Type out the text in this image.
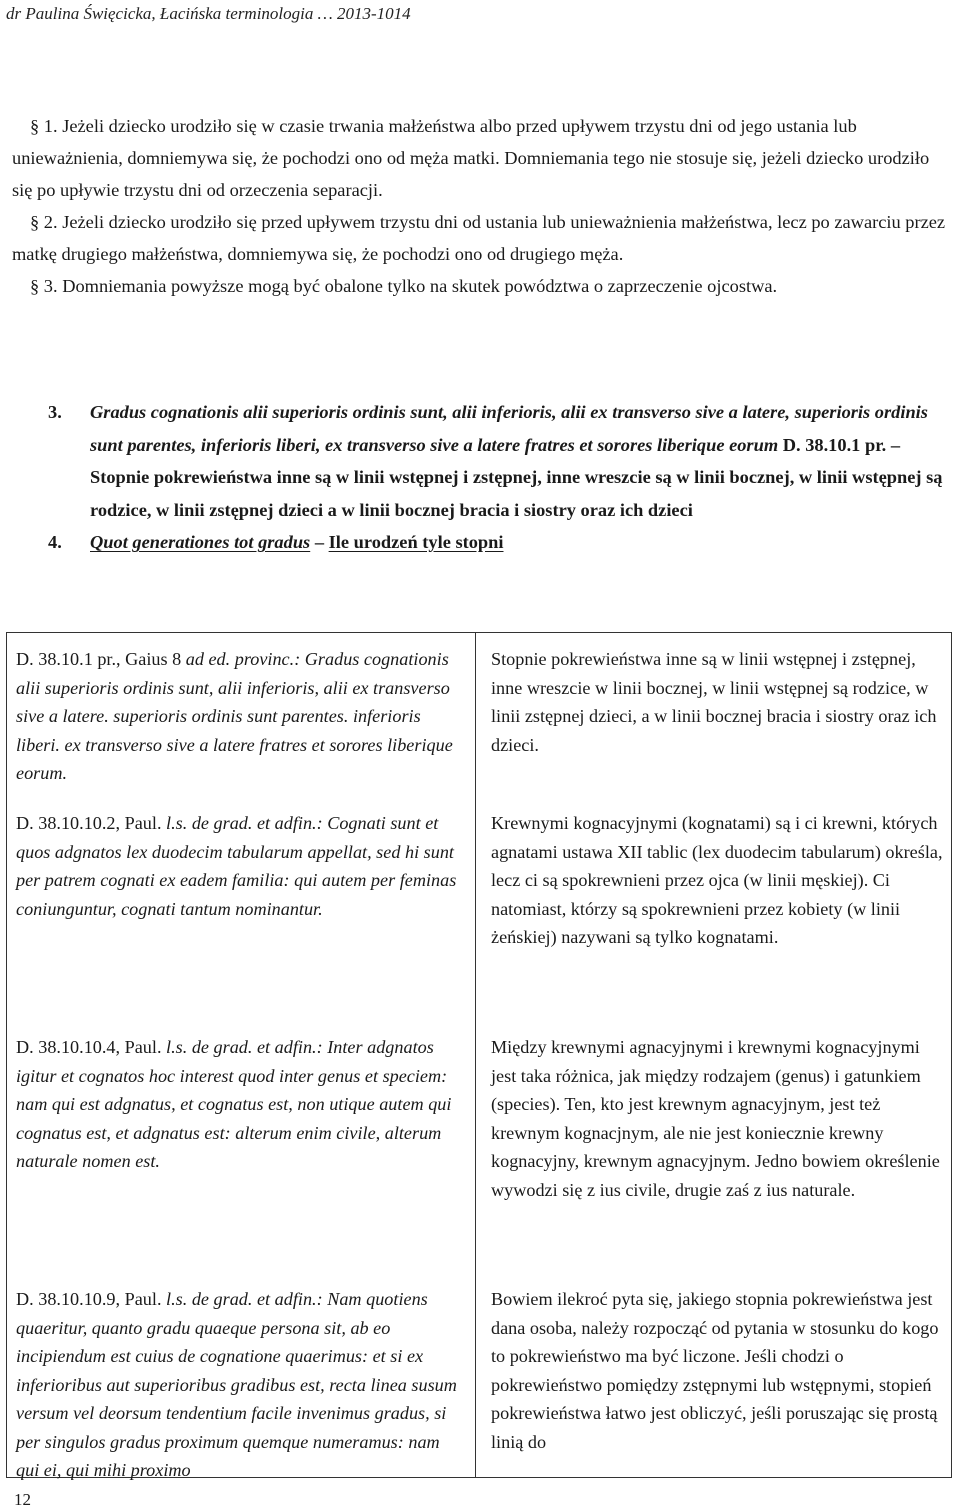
dr Paulina Święcicka, Łacińska terminologia … 2013-1014

§ 1. Jeżeli dziecko urodziło się w czasie trwania małżeństwa albo przed upływem trzystu dni od jego ustania lub unieważnienia, domniemywa się, że pochodzi ono od męża matki. Domniemania tego nie stosuje się, jeżeli dziecko urodziło się po upływie trzystu dni od orzeczenia separacji.

§ 2. Jeżeli dziecko urodziło się przed upływem trzystu dni od ustania lub unieważnienia małżeństwa, lecz po zawarciu przez matkę drugiego małżeństwa, domniemywa się, że pochodzi ono od drugiego męża.

§ 3. Domniemania powyższe mogą być obalone tylko na skutek powództwa o zaprzeczenie ojcostwa.

3. Gradus cognationis alii superioris ordinis sunt, alii inferioris, alii ex transverso sive a latere, superioris ordinis sunt parentes, inferioris liberi, ex transverso sive a latere fratres et sorores liberique eorum D. 38.10.1 pr. – Stopnie pokrewieństwa inne są w linii wstępnej i zstępnej, inne wreszcie są w linii bocznej, w linii wstępnej są rodzice, w linii zstępnej dzieci a w linii bocznej bracia i siostry oraz ich dzieci
4. Quot generationes tot gradus – Ile urodzeń tyle stopni
D. 38.10.1 pr., Gaius 8 ad ed. provinc.: Gradus cognationis alii superioris ordinis sunt, alii inferioris, alii ex transverso sive a latere. superioris ordinis sunt parentes. inferioris liberi. ex transverso sive a latere fratres et sorores liberique eorum.
Stopnie pokrewieństwa inne są w linii wstępnej i zstępnej, inne wreszcie w linii bocznej, w linii wstępnej są rodzice, w linii zstępnej dzieci, a w linii bocznej bracia i siostry oraz ich dzieci.
D. 38.10.10.2, Paul. l.s. de grad. et adfin.: Cognati sunt et quos adgnatos lex duodecim tabularum appellat, sed hi sunt per patrem cognati ex eadem familia: qui autem per feminas coniunguntur, cognati tantum nominantur.
Krewnymi kognacyjnymi (kognatami) są i ci krewni, których agnatami ustawa XII tablic (lex duodecim tabularum) określa, lecz ci są spokrewnieni przez ojca (w linii męskiej). Ci natomiast, którzy są spokrewnieni przez kobiety (w linii żeńskiej) nazywani są tylko kognatami.
D. 38.10.10.4, Paul. l.s. de grad. et adfin.: Inter adgnatos igitur et cognatos hoc interest quod inter genus et speciem: nam qui est adgnatus, et cognatus est, non utique autem qui cognatus est, et adgnatus est: alterum enim civile, alterum naturale nomen est.
Między krewnymi agnacyjnymi i krewnymi kognacyjnymi jest taka różnica, jak między rodzajem (genus) i gatunkiem (species). Ten, kto jest krewnym agnacyjnym, jest też krewnym kognacjnym, ale nie jest koniecznie krewny kognacyjny, krewnym agnacyjnym. Jedno bowiem określenie wywodzi się z ius civile, drugie zaś z ius naturale.
D. 38.10.10.9, Paul. l.s. de grad. et adfin.: Nam quotiens quaeritur, quanto gradu quaeque persona sit, ab eo incipiendum est cuius de cognatione quaerimus: et si ex inferioribus aut superioribus gradibus est, recta linea susum versum vel deorsum tendentium facile invenimus gradus, si per singulos gradus proximum quemque numeramus: nam qui ei, qui mihi proximo
Bowiem ilekroć pyta się, jakiego stopnia pokrewieństwa jest dana osoba, należy rozpocząć od pytania w stosunku do kogo to pokrewieństwo ma być liczone. Jeśli chodzi o pokrewieństwo pomiędzy zstępnymi lub wstępnymi, stopień pokrewieństwa łatwo jest obliczyć, jeśli poruszając się prostą linią do
12
